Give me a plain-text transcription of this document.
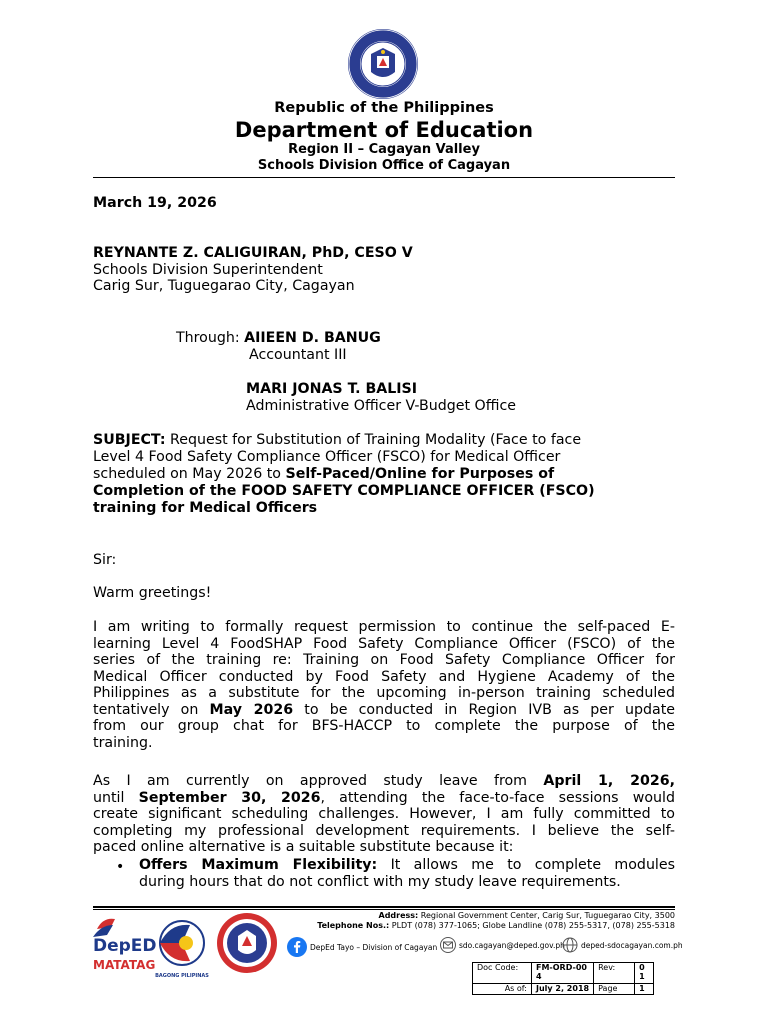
Republic of the Philippines
Department of Education
Region II – Cagayan Valley
Schools Division Office of Cagayan
March 19, 2026
REYNANTE Z. CALIGUIRAN, PhD, CESO V
Schools Division Superintendent
Carig Sur, Tuguegarao City, Cagayan
Through: AIIEEN D. BANUG
Accountant III
MARI JONAS T. BALISI
Administrative Officer V-Budget Office
SUBJECT: Request for Substitution of Training Modality (Face to face
Level 4 Food Safety Compliance Officer (FSCO) for Medical Officer
scheduled on May 2026 to Self-Paced/Online for Purposes of
Completion of the FOOD SAFETY COMPLIANCE OFFICER (FSCO)
training for Medical Officers
Sir:
Warm greetings!
I am writing to formally request permission to continue the self-paced E-
learning Level 4 FoodSHAP Food Safety Compliance Officer (FSCO) of the
series of the training re: Training on Food Safety Compliance Officer for
Medical Officer conducted by Food Safety and Hygiene Academy of the
Philippines as a substitute for the upcoming in-person training scheduled
tentatively on May 2026 to be conducted in Region IVB as per update
from our group chat for BFS-HACCP to complete the purpose of the
training.
As I am currently on approved study leave from April 1, 2026,
until September 30, 2026, attending the face-to-face sessions would
create significant scheduling challenges. However, I am fully committed to
completing my professional development requirements. I believe the self-
paced online alternative is a suitable substitute because it:
• Offers Maximum Flexibility: It allows me to complete modules
during hours that do not conflict with my study leave requirements.
DepED
MATATAG
BAGONG PILIPINAS
Address: Regional Government Center, Carig Sur, Tuguegarao City, 3500
Telephone Nos.: PLDT (078) 377-1065; Globe Landline (078) 255-5317, (078) 255-5318
DepEd Tayo – Division of Cagayan	sdo.cagayan@deped.gov.ph deped-sdocagayan.com.ph
Doc Code:	FM-ORD-004	Rev:	01
As of:	July 2, 2018	Page	1
